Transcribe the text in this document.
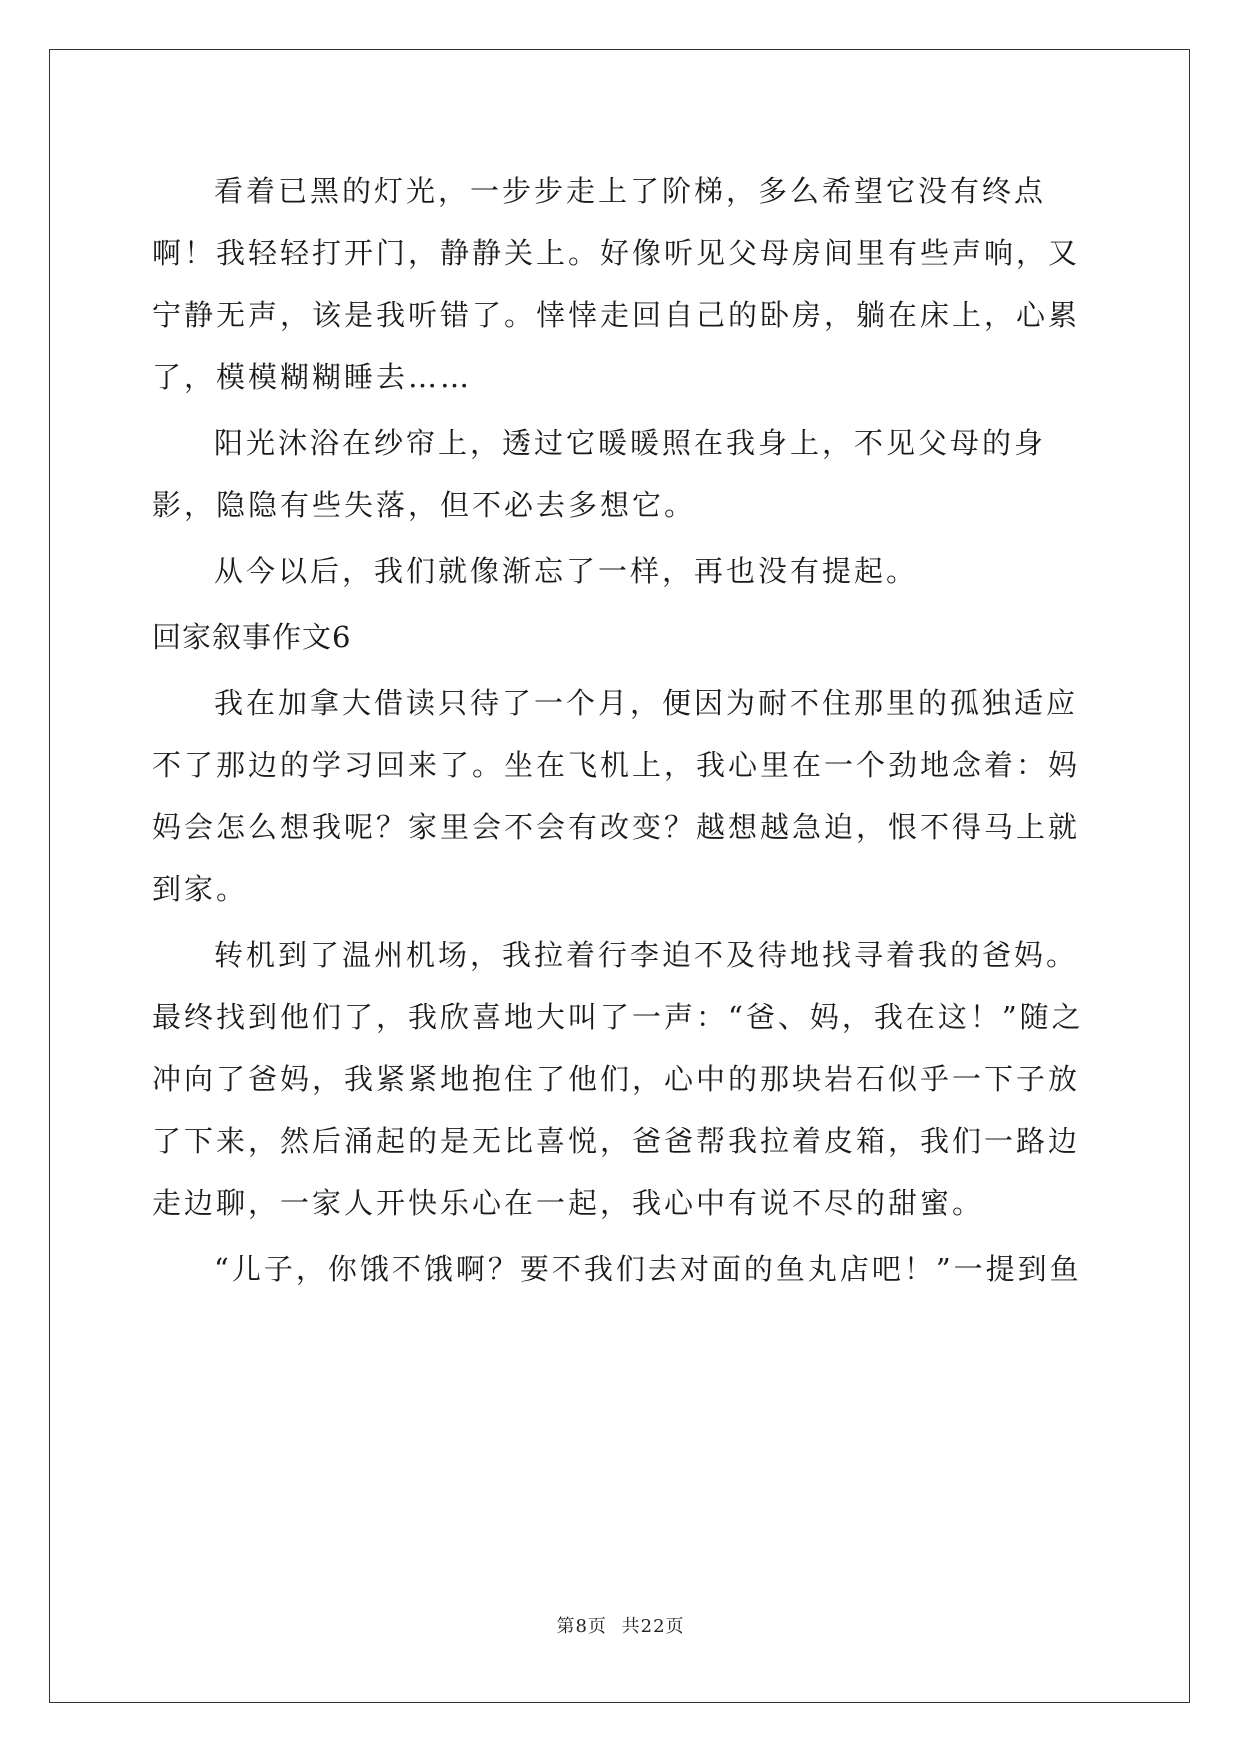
看着已黑的灯光，一步步走上了阶梯，多么希望它没有终点啊！我轻轻打开门，静静关上。好像听见父母房间里有些声响，又宁静无声，该是我听错了。悻悻走回自己的卧房，躺在床上，心累了，模模糊糊睡去……

阳光沐浴在纱帘上，透过它暖暖照在我身上，不见父母的身影，隐隐有些失落，但不必去多想它。

从今以后，我们就像渐忘了一样，再也没有提起。

回家叙事作文6

我在加拿大借读只待了一个月，便因为耐不住那里的孤独适应不了那边的学习回来了。坐在飞机上，我心里在一个劲地念着：妈妈会怎么想我呢？家里会不会有改变？越想越急迫，恨不得马上就到家。

转机到了温州机场，我拉着行李迫不及待地找寻着我的爸妈。最终找到他们了，我欣喜地大叫了一声：“爸、妈，我在这！”随之冲向了爸妈，我紧紧地抱住了他们，心中的那块岩石似乎一下子放了下来，然后涌起的是无比喜悦，爸爸帮我拉着皮箱，我们一路边走边聊，一家人开快乐心在一起，我心中有说不尽的甜蜜。

“儿子，你饿不饿啊？要不我们去对面的鱼丸店吧！”一提到鱼

第8页 共22页
